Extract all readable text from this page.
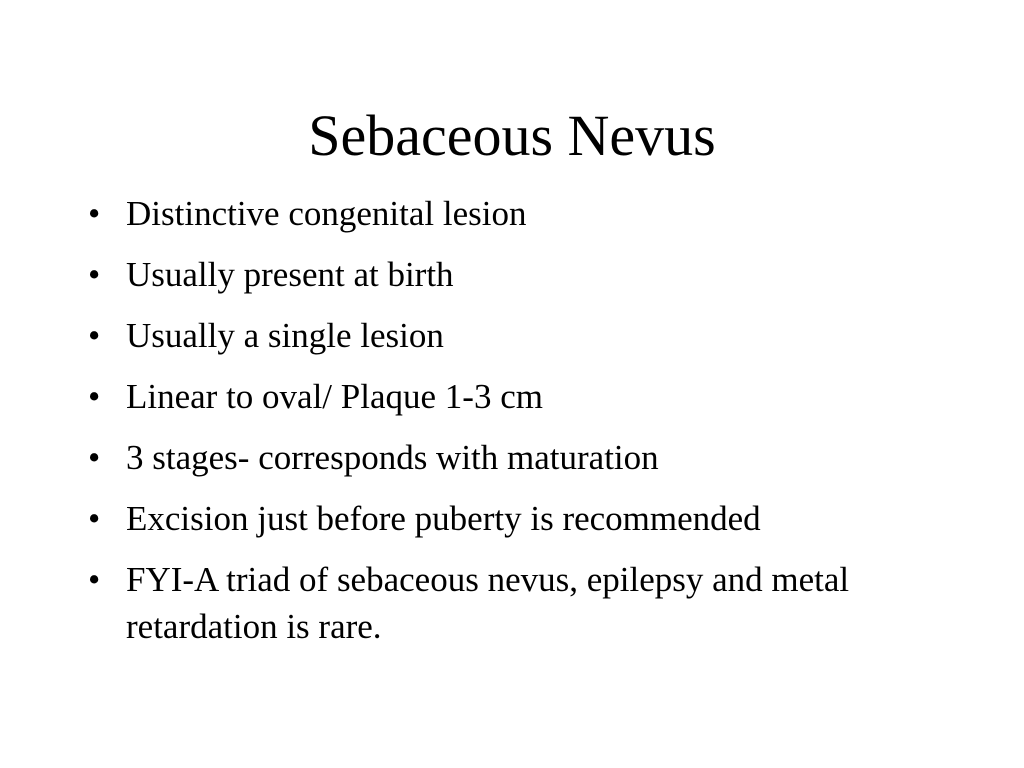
Sebaceous Nevus
• Distinctive congenital lesion
• Usually present at birth
• Usually a single lesion
• Linear to oval/ Plaque 1-3 cm
• 3 stages- corresponds with maturation
• Excision just before puberty is recommended
• FYI-A triad of sebaceous nevus, epilepsy and metal retardation is rare.
